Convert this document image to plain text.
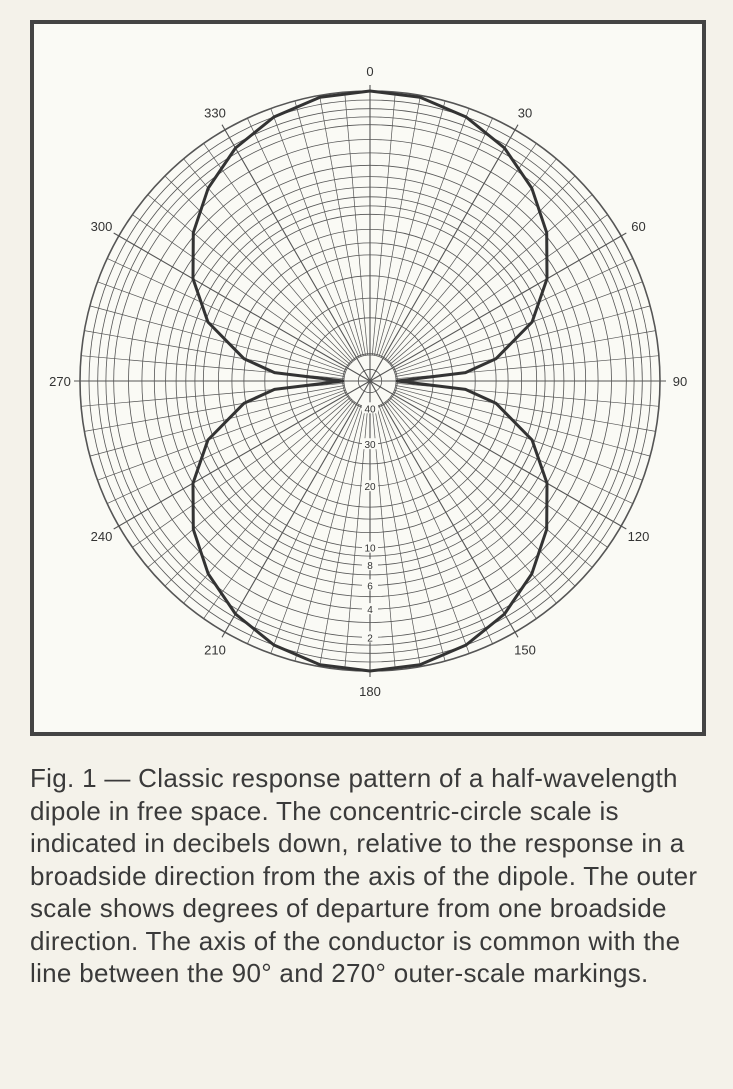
0
30
60
90
120
150
180
210
240
270
300
330
2
4
6
8
10
20
30
40

Fig. 1 — Classic response pattern of a half-wavelength dipole in free space. The concentric-circle scale is indicated in decibels down, relative to the response in a broadside direction from the axis of the dipole. The outer scale shows degrees of departure from one broadside direction. The axis of the conductor is common with the line between the 90° and 270° outer-scale markings.
